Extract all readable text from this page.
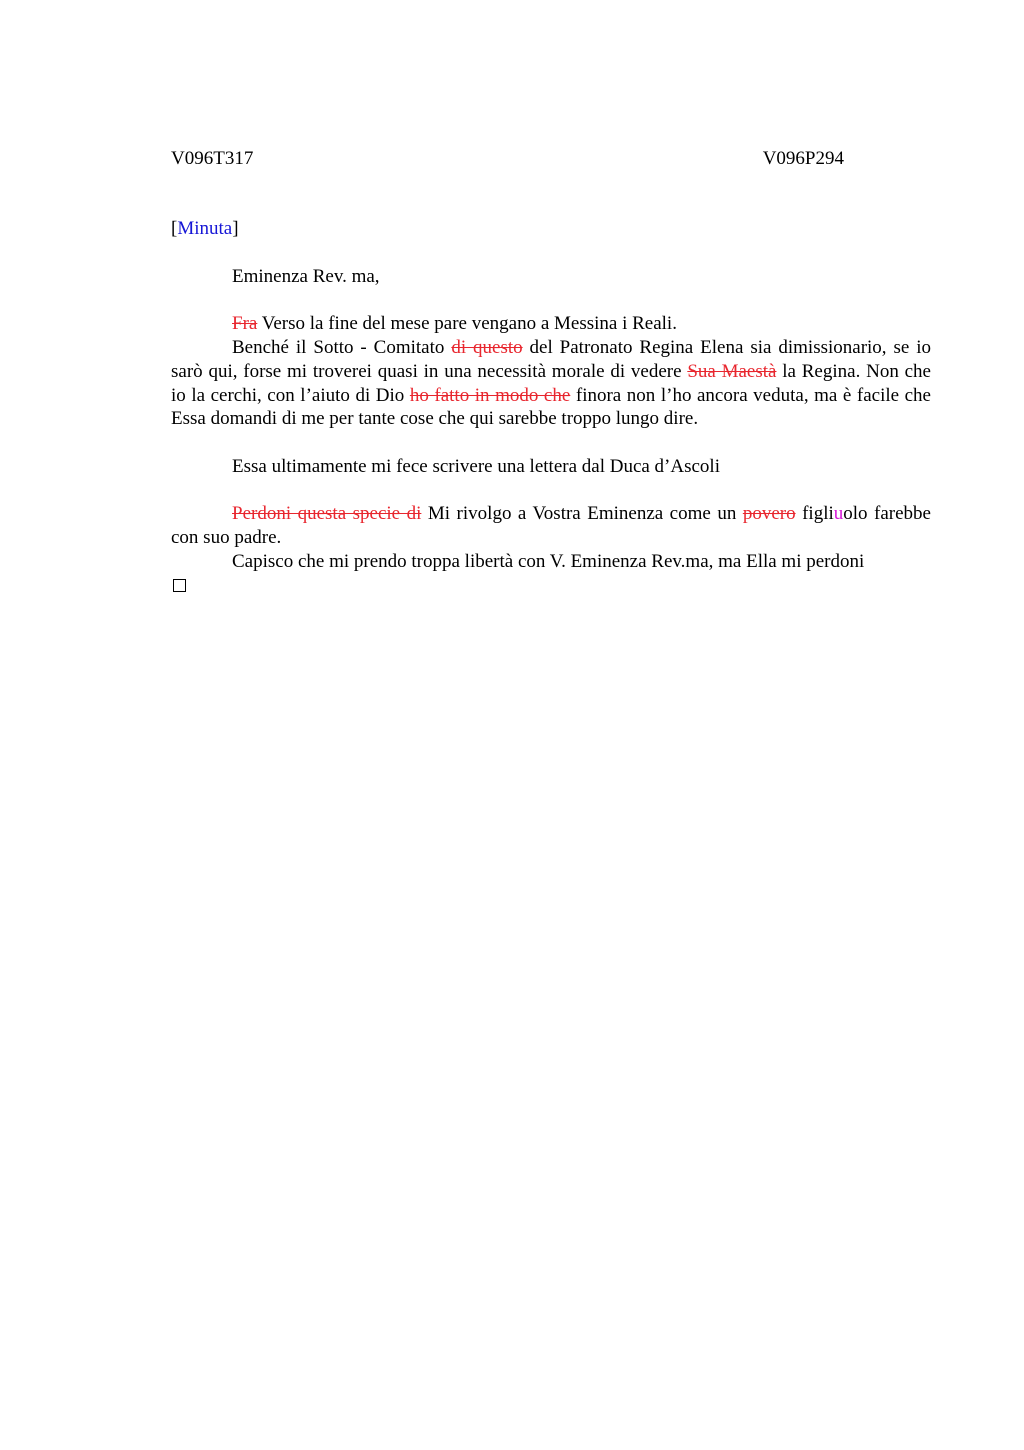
V096T317	V096P294
[Minuta]
Eminenza Rev. ma,
Fra Verso la fine del mese pare vengano a Messina i Reali.
Benché il Sotto - Comitato di questo del Patronato Regina Elena sia dimissionario, se io sarò qui, forse mi troverei quasi in una necessità morale di vedere Sua Maestà la Regina. Non che io la cerchi, con l’aiuto di Dio ho fatto in modo che finora non l’ho ancora veduta, ma è facile che Essa domandi di me per tante cose che qui sarebbe troppo lungo dire.
Essa ultimamente mi fece scrivere una lettera dal Duca d’Ascoli
Perdoni questa specie di Mi rivolgo a Vostra Eminenza come un povero figliuolo farebbe con suo padre.
Capisco che mi prendo troppa libertà con V. Eminenza Rev.ma, ma Ella mi perdoni
